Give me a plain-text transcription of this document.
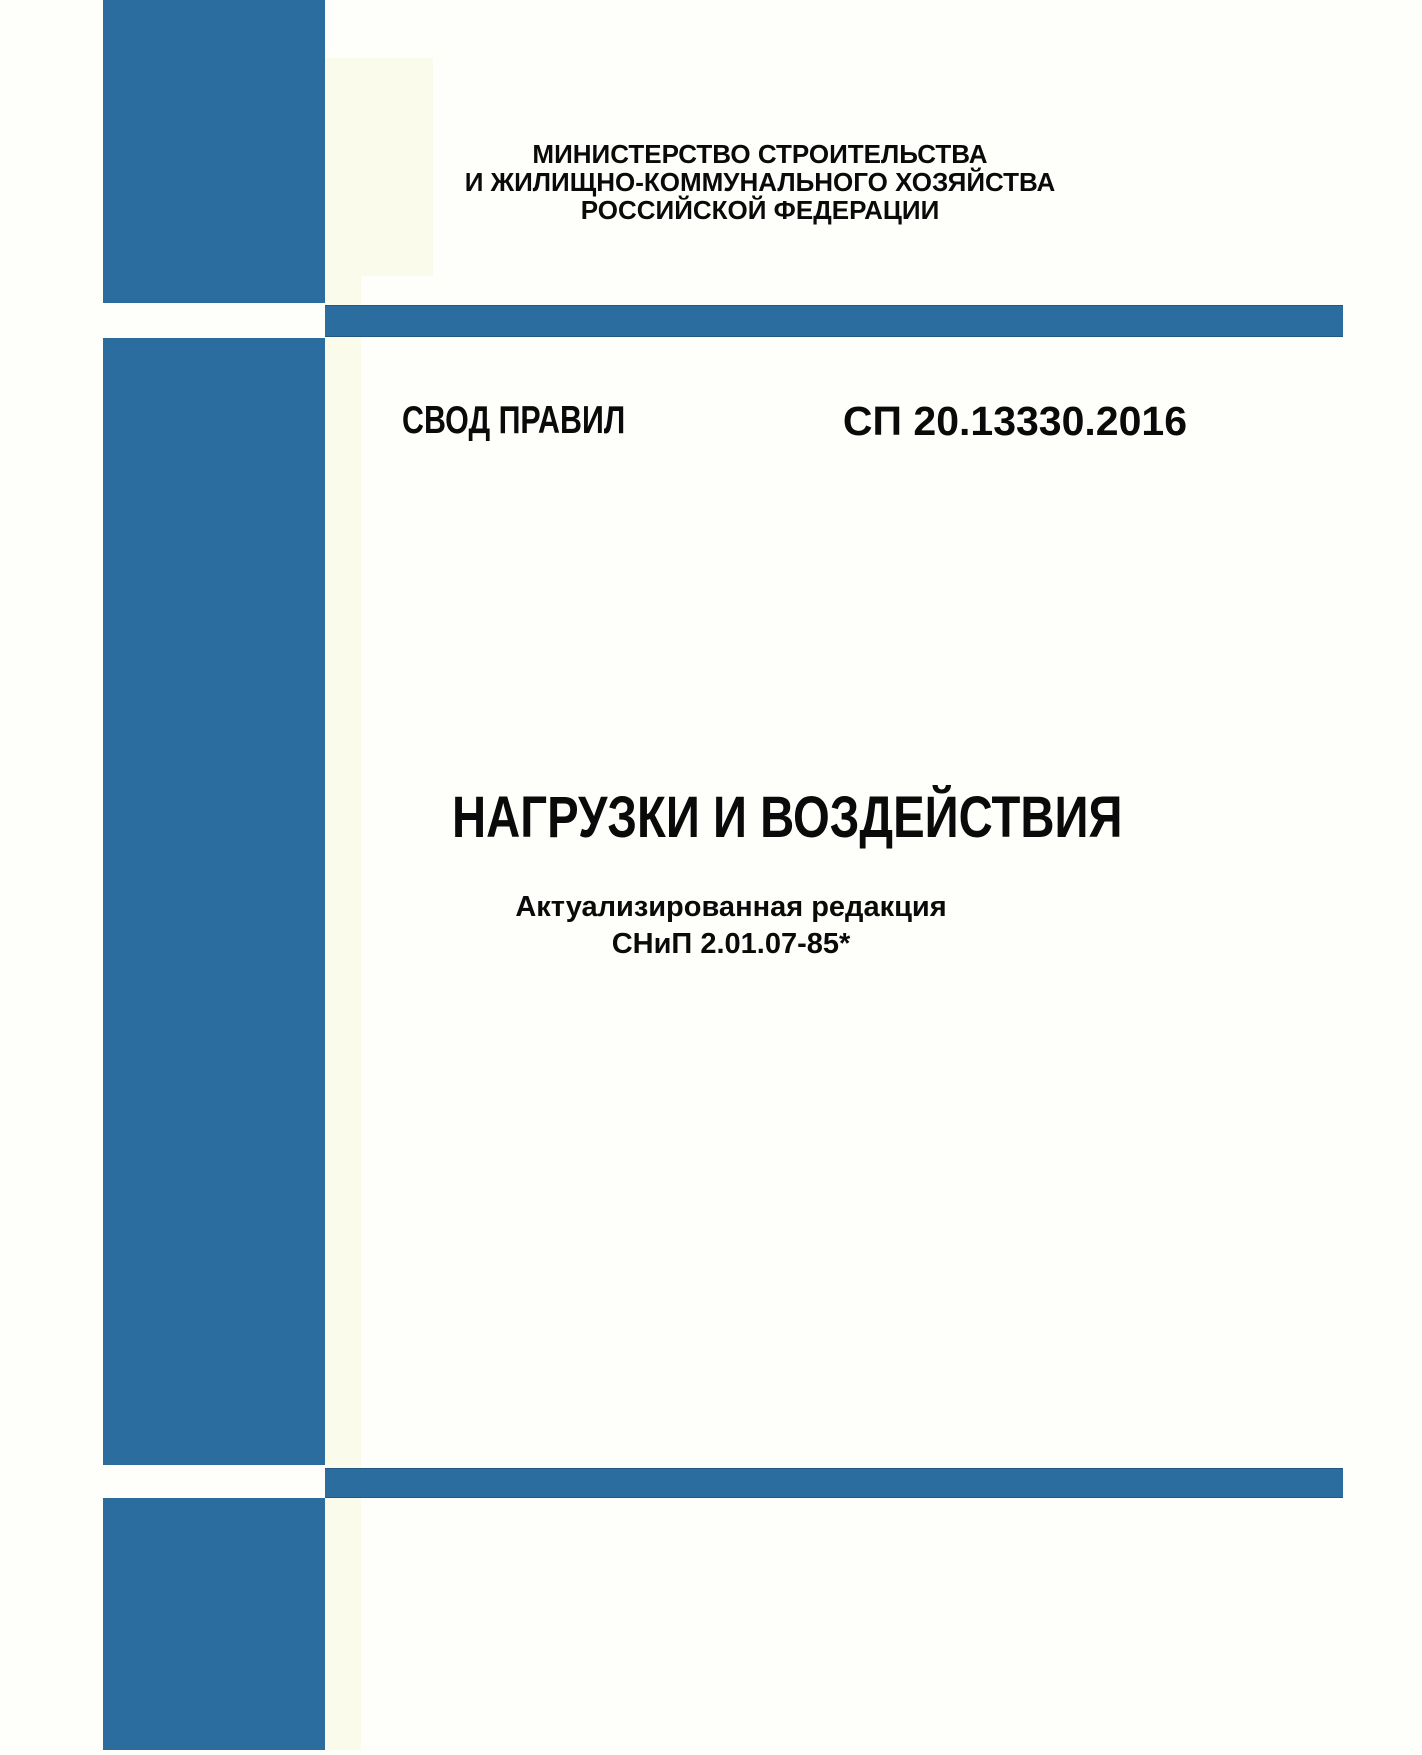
МИНИСТЕРСТВО СТРОИТЕЛЬСТВА
И ЖИЛИЩНО-КОММУНАЛЬНОГО ХОЗЯЙСТВА
РОССИЙСКОЙ ФЕДЕРАЦИИ
СВОД ПРАВИЛ	СП 20.13330.2016
НАГРУЗКИ И ВОЗДЕЙСТВИЯ
Актуализированная редакция
СНиП 2.01.07-85*
